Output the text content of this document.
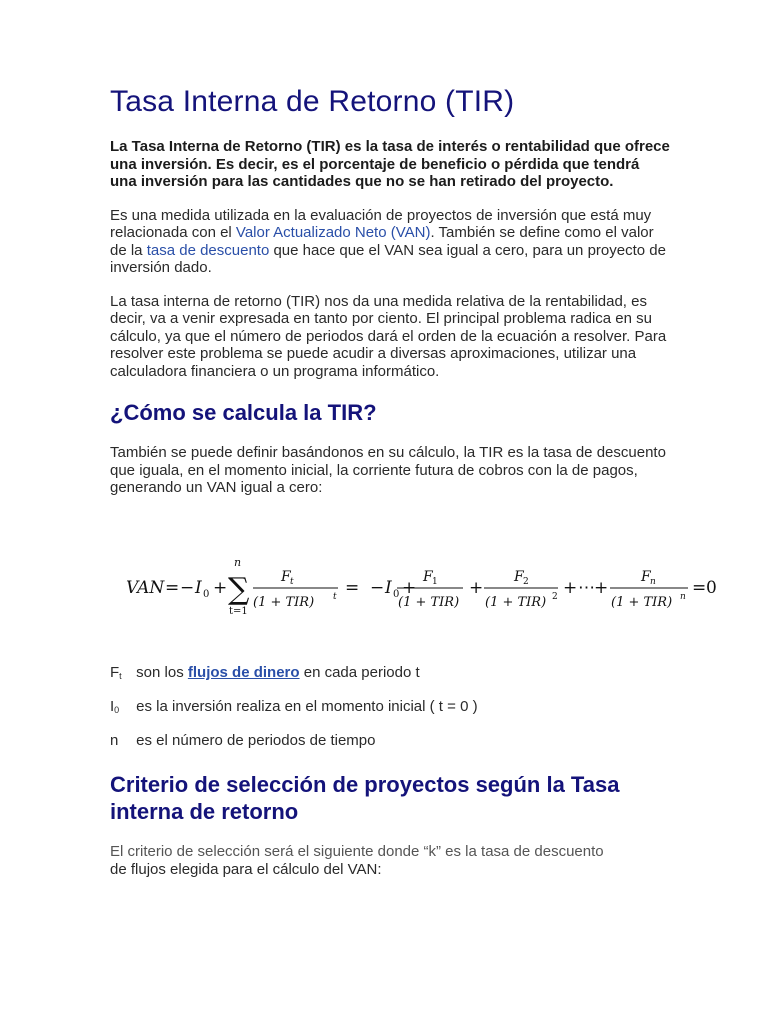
Tasa Interna de Retorno (TIR)

La Tasa Interna de Retorno (TIR) es la tasa de interés o rentabilidad que ofrece una inversión. Es decir, es el porcentaje de beneficio o pérdida que tendrá una inversión para las cantidades que no se han retirado del proyecto.

Es una medida utilizada en la evaluación de proyectos de inversión que está muy relacionada con el Valor Actualizado Neto (VAN). También se define como el valor de la tasa de descuento que hace que el VAN sea igual a cero, para un proyecto de inversión dado.

La tasa interna de retorno (TIR) nos da una medida relativa de la rentabilidad, es decir, va a venir expresada en tanto por ciento. El principal problema radica en su cálculo, ya que el número de periodos dará el orden de la ecuación a resolver. Para resolver este problema se puede acudir a diversas aproximaciones, utilizar una calculadora financiera o un programa informático.

¿Cómo se calcula la TIR?

También se puede definir basándonos en su cálculo, la TIR es la tasa de descuento que iguala, en el momento inicial, la corriente futura de cobros con la de pagos, generando un VAN igual a cero:

VAN = − I 0 +
n
∑
t=1
F t
(1 + TIR) t = − I 0 +
F 1
(1 + TIR)
+
F 2
(1 + TIR) 2 + ⋯ +
F n
(1 + TIR) n = 0
$F_t$ son los flujos de dinero en cada periodo t
$I_0$ es la inversión realiza en el momento inicial ( t = 0 )
n es el número de periodos de tiempo
Criterio de selección de proyectos según la Tasa interna de retorno

El criterio de selección será el siguiente donde “k” es la tasa de descuento
de flujos elegida para el cálculo del VAN:
